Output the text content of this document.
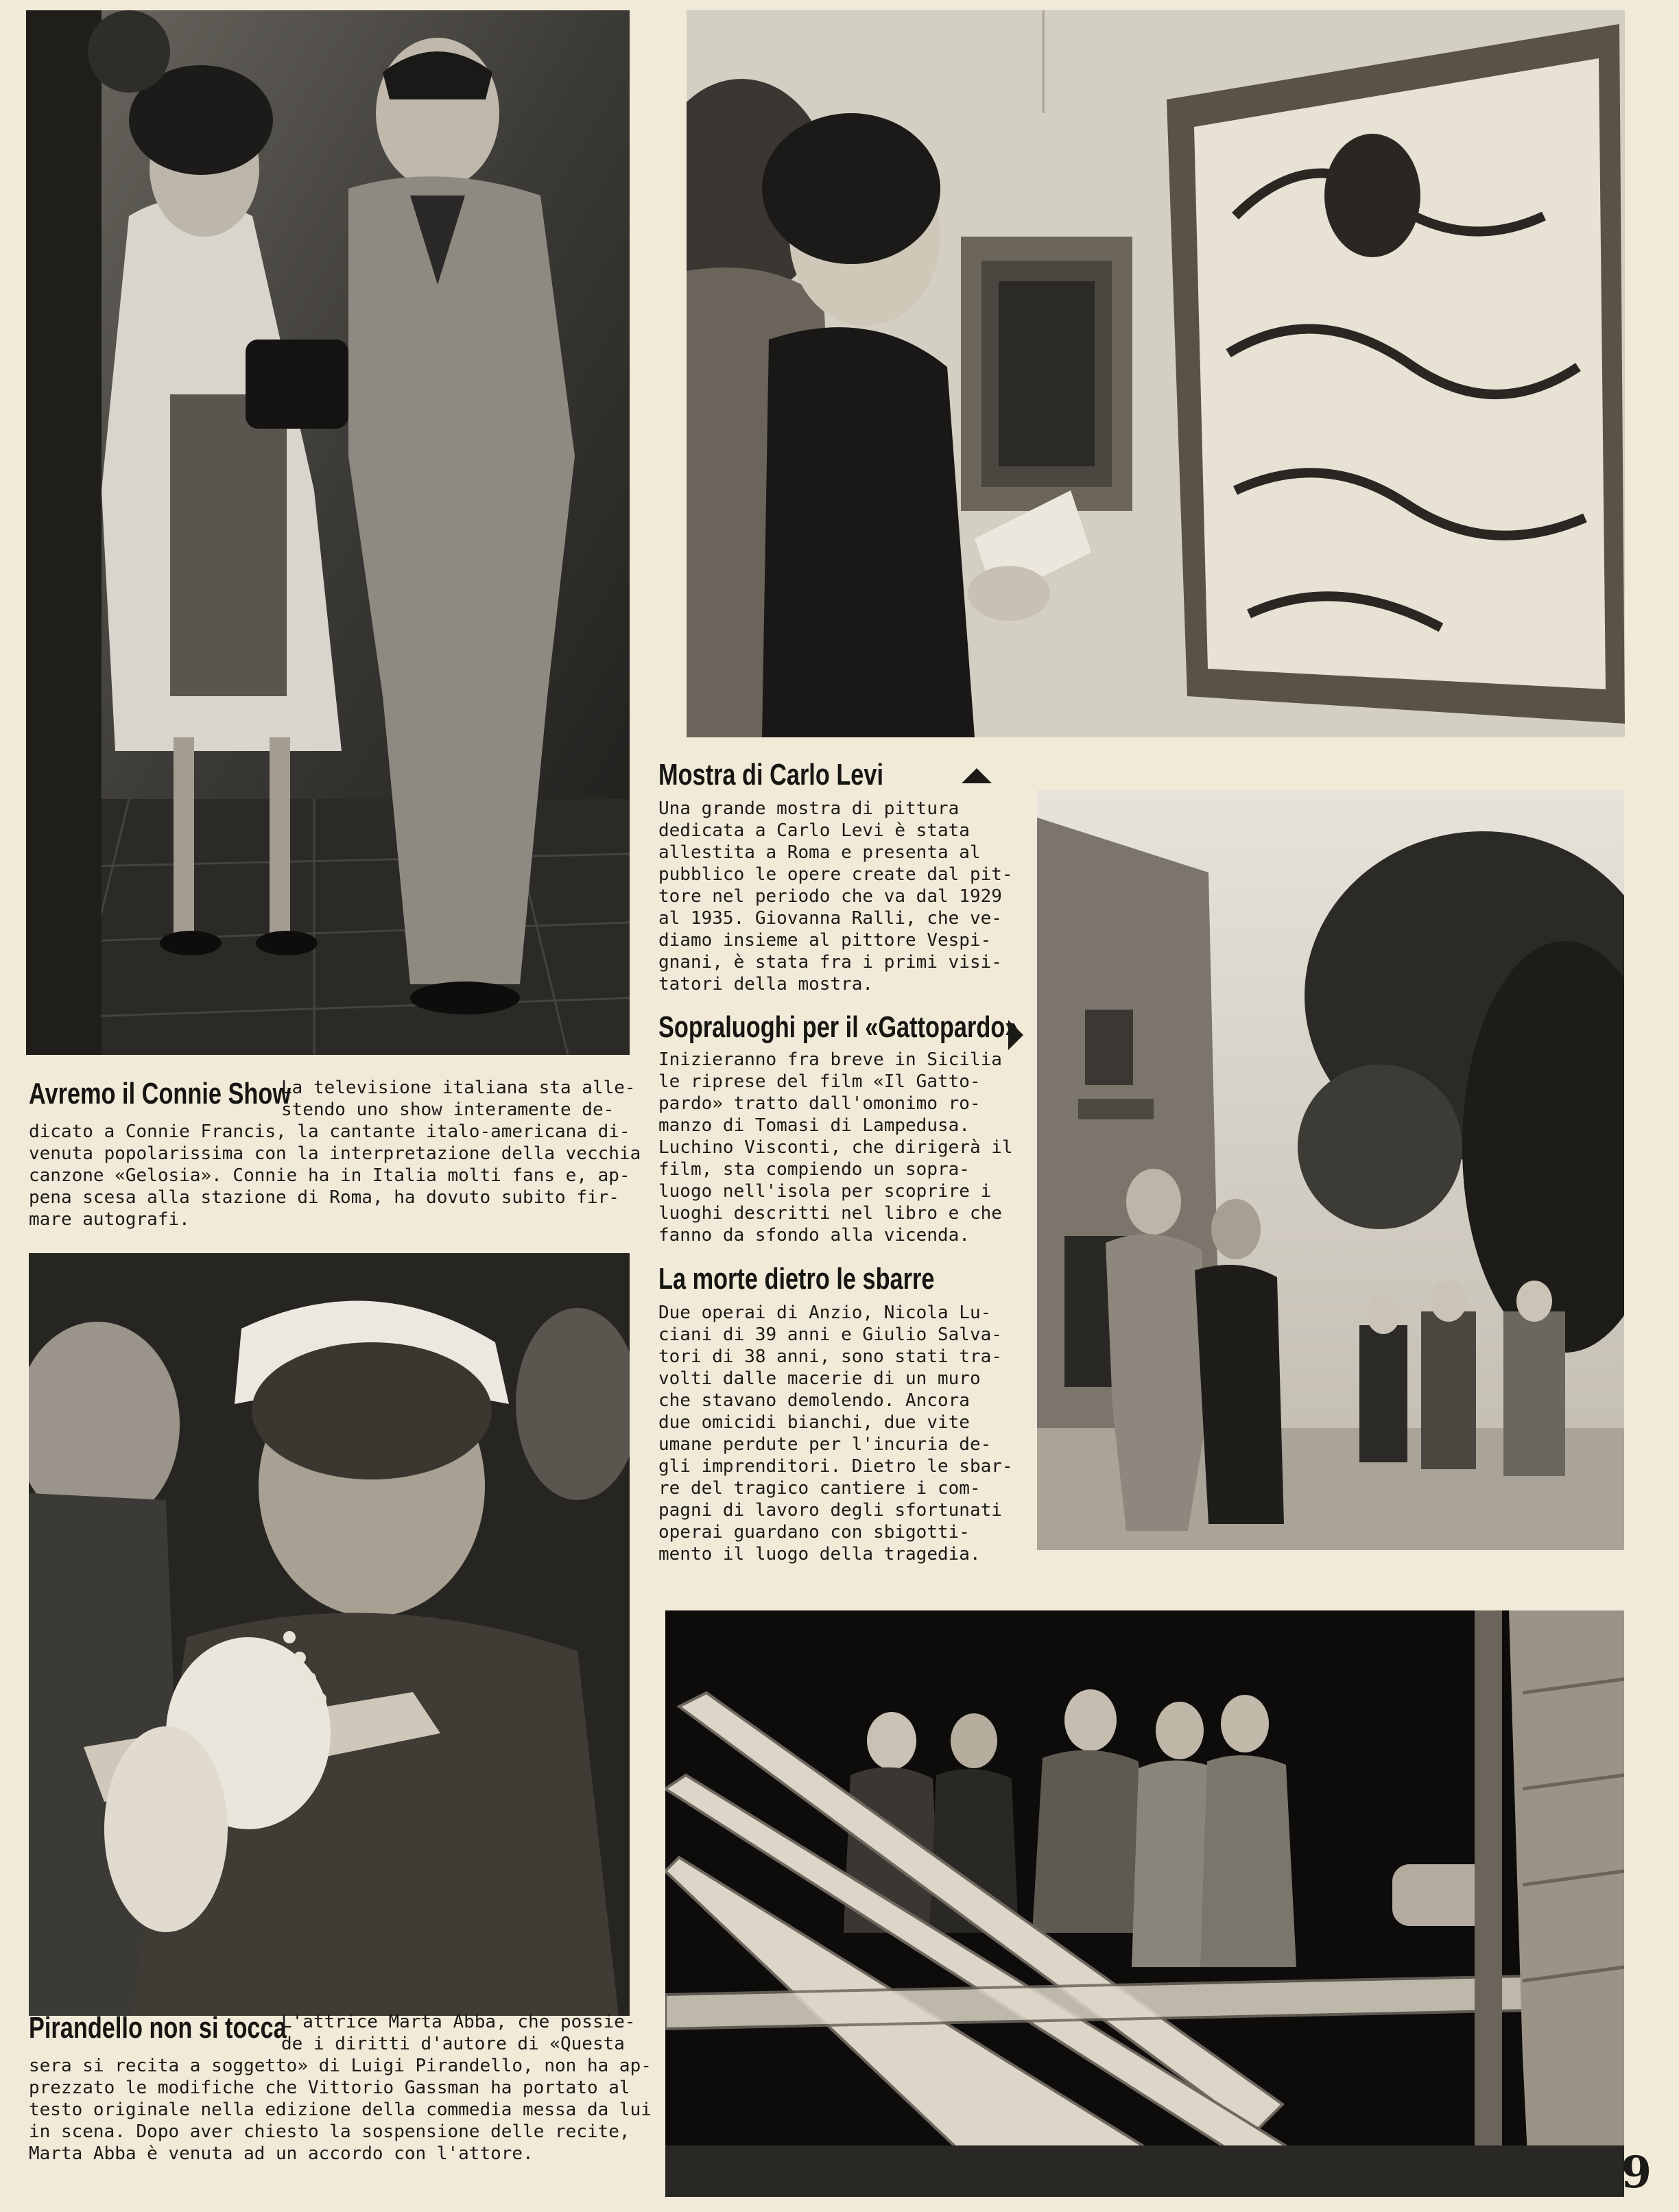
Avremo il Connie Show

La televisione italiana sta alle-
stendo uno show interamente de-

dicato a Connie Francis, la cantante italo-americana di-
venuta popolarissima con la interpretazione della vecchia
canzone «Gelosia». Connie ha in Italia molti fans e, ap-
pena scesa alla stazione di Roma, ha dovuto subito fir-
mare autografi.

Mostra di Carlo Levi

Una grande mostra di pittura
dedicata a Carlo Levi è stata
allestita a Roma e presenta al
pubblico le opere create dal pit-
tore nel periodo che va dal 1929
al 1935. Giovanna Ralli, che ve-
diamo insieme al pittore Vespi-
gnani, è stata fra i primi visi-
tatori della mostra.

Sopraluoghi per il «Gattopardo»

Inizieranno fra breve in Sicilia
le riprese del film «Il Gatto-
pardo» tratto dall'omonimo ro-
manzo di Tomasi di Lampedusa.
Luchino Visconti, che dirigerà il
film, sta compiendo un sopra-
luogo nell'isola per scoprire i
luoghi descritti nel libro e che
fanno da sfondo alla vicenda.

La morte dietro le sbarre

Due operai di Anzio, Nicola Lu-
ciani di 39 anni e Giulio Salva-
tori di 38 anni, sono stati tra-
volti dalle macerie di un muro
che stavano demolendo. Ancora
due omicidi bianchi, due vite
umane perdute per l'incuria de-
gli imprenditori. Dietro le sbar-
re del tragico cantiere i com-
pagni di lavoro degli sfortunati
operai guardano con sbigotti-
mento il luogo della tragedia.

Pirandello non si tocca

L'attrice Marta Abba, che possie-
de i diritti d'autore di «Questa

sera si recita a soggetto» di Luigi Pirandello, non ha ap-
prezzato le modifiche che Vittorio Gassman ha portato al
testo originale nella edizione della commedia messa da lui
in scena. Dopo aver chiesto la sospensione delle recite,
Marta Abba è venuta ad un accordo con l'attore.	9
